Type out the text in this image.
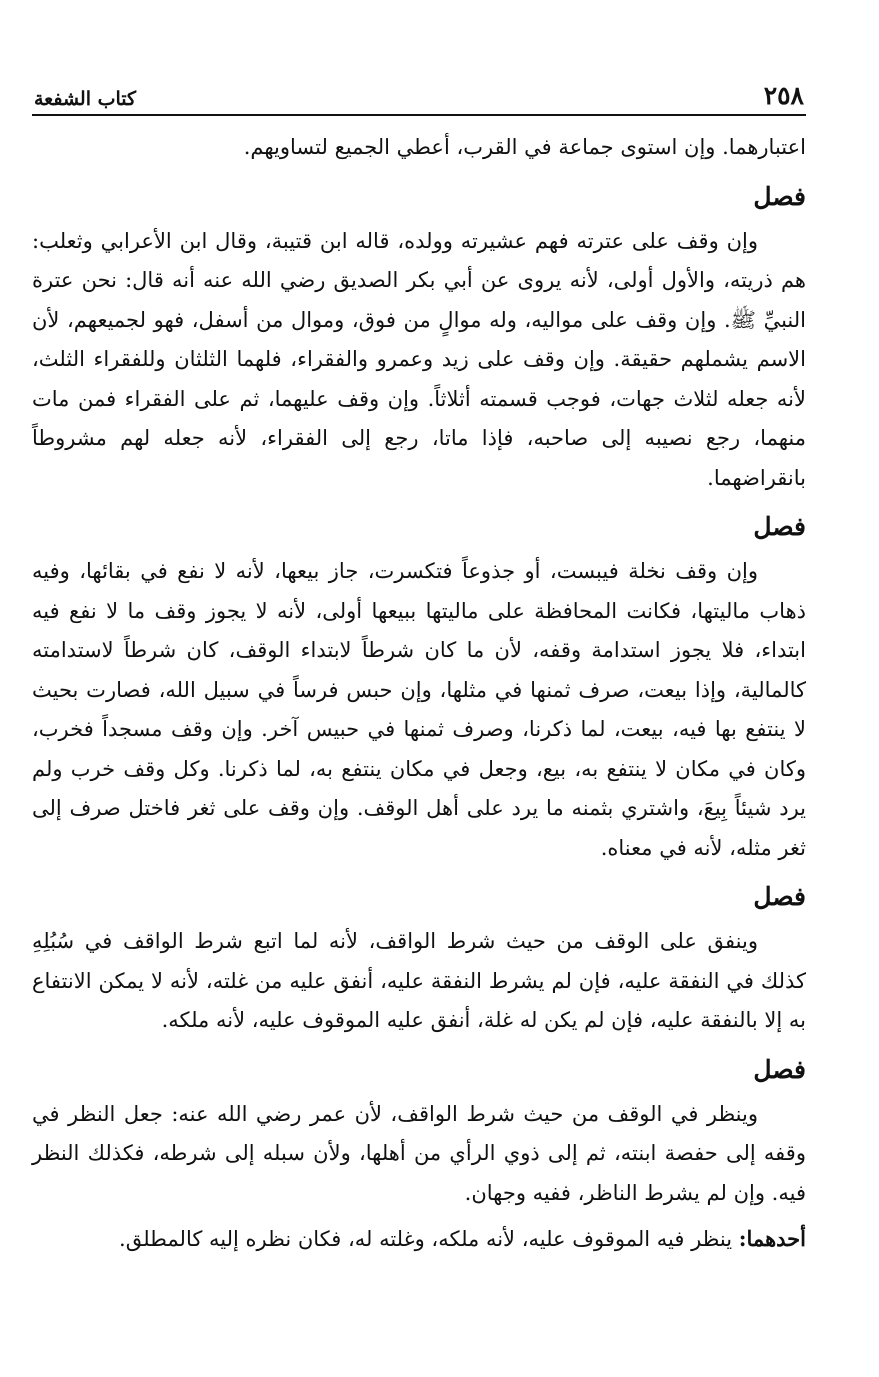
٢٥٨
كتاب الشفعة

اعتبارهما. وإن استوى جماعة في القرب، أعطي الجميع لتساويهم.

فصل

وإن وقف على عترته فهم عشيرته وولده، قاله ابن قتيبة، وقال ابن الأعرابي وثعلب: هم ذريته، والأول أولى، لأنه يروى عن أبي بكر الصديق رضي الله عنه أنه قال: نحن عترة النبيِّ ﷺ. وإن وقف على مواليه، وله موالٍ من فوق، وموال من أسفل، فهو لجميعهم، لأن الاسم يشملهم حقيقة. وإن وقف على زيد وعمرو والفقراء، فلهما الثلثان وللفقراء الثلث، لأنه جعله لثلاث جهات، فوجب قسمته أثلاثاً. وإن وقف عليهما، ثم على الفقراء فمن مات منهما، رجع نصيبه إلى صاحبه، فإذا ماتا، رجع إلى الفقراء، لأنه جعله لهم مشروطاً بانقراضهما.

فصل

وإن وقف نخلة فيبست، أو جذوعاً فتكسرت، جاز بيعها، لأنه لا نفع في بقائها، وفيه ذهاب ماليتها، فكانت المحافظة على ماليتها ببيعها أولى، لأنه لا يجوز وقف ما لا نفع فيه ابتداء، فلا يجوز استدامة وقفه، لأن ما كان شرطاً لابتداء الوقف، كان شرطاً لاستدامته كالمالية، وإذا بيعت، صرف ثمنها في مثلها، وإن حبس فرساً في سبيل الله، فصارت بحيث لا ينتفع بها فيه، بيعت، لما ذكرنا، وصرف ثمنها في حبيس آخر. وإن وقف مسجداً فخرب، وكان في مكان لا ينتفع به، بيع، وجعل في مكان ينتفع به، لما ذكرنا. وكل وقف خرب ولم يرد شيئاً بِيعَ، واشتري بثمنه ما يرد على أهل الوقف. وإن وقف على ثغر فاختل صرف إلى ثغر مثله، لأنه في معناه.

فصل

وينفق على الوقف من حيث شرط الواقف، لأنه لما اتبع شرط الواقف في سُبُلِهِ كذلك في النفقة عليه، فإن لم يشرط النفقة عليه، أنفق عليه من غلته، لأنه لا يمكن الانتفاع به إلا بالنفقة عليه، فإن لم يكن له غلة، أنفق عليه الموقوف عليه، لأنه ملكه.

فصل

وينظر في الوقف من حيث شرط الواقف، لأن عمر رضي الله عنه: جعل النظر في وقفه إلى حفصة ابنته، ثم إلى ذوي الرأي من أهلها، ولأن سبله إلى شرطه، فكذلك النظر فيه. وإن لم يشرط الناظر، ففيه وجهان.

أحدهما: ينظر فيه الموقوف عليه، لأنه ملكه، وغلته له، فكان نظره إليه كالمطلق.
